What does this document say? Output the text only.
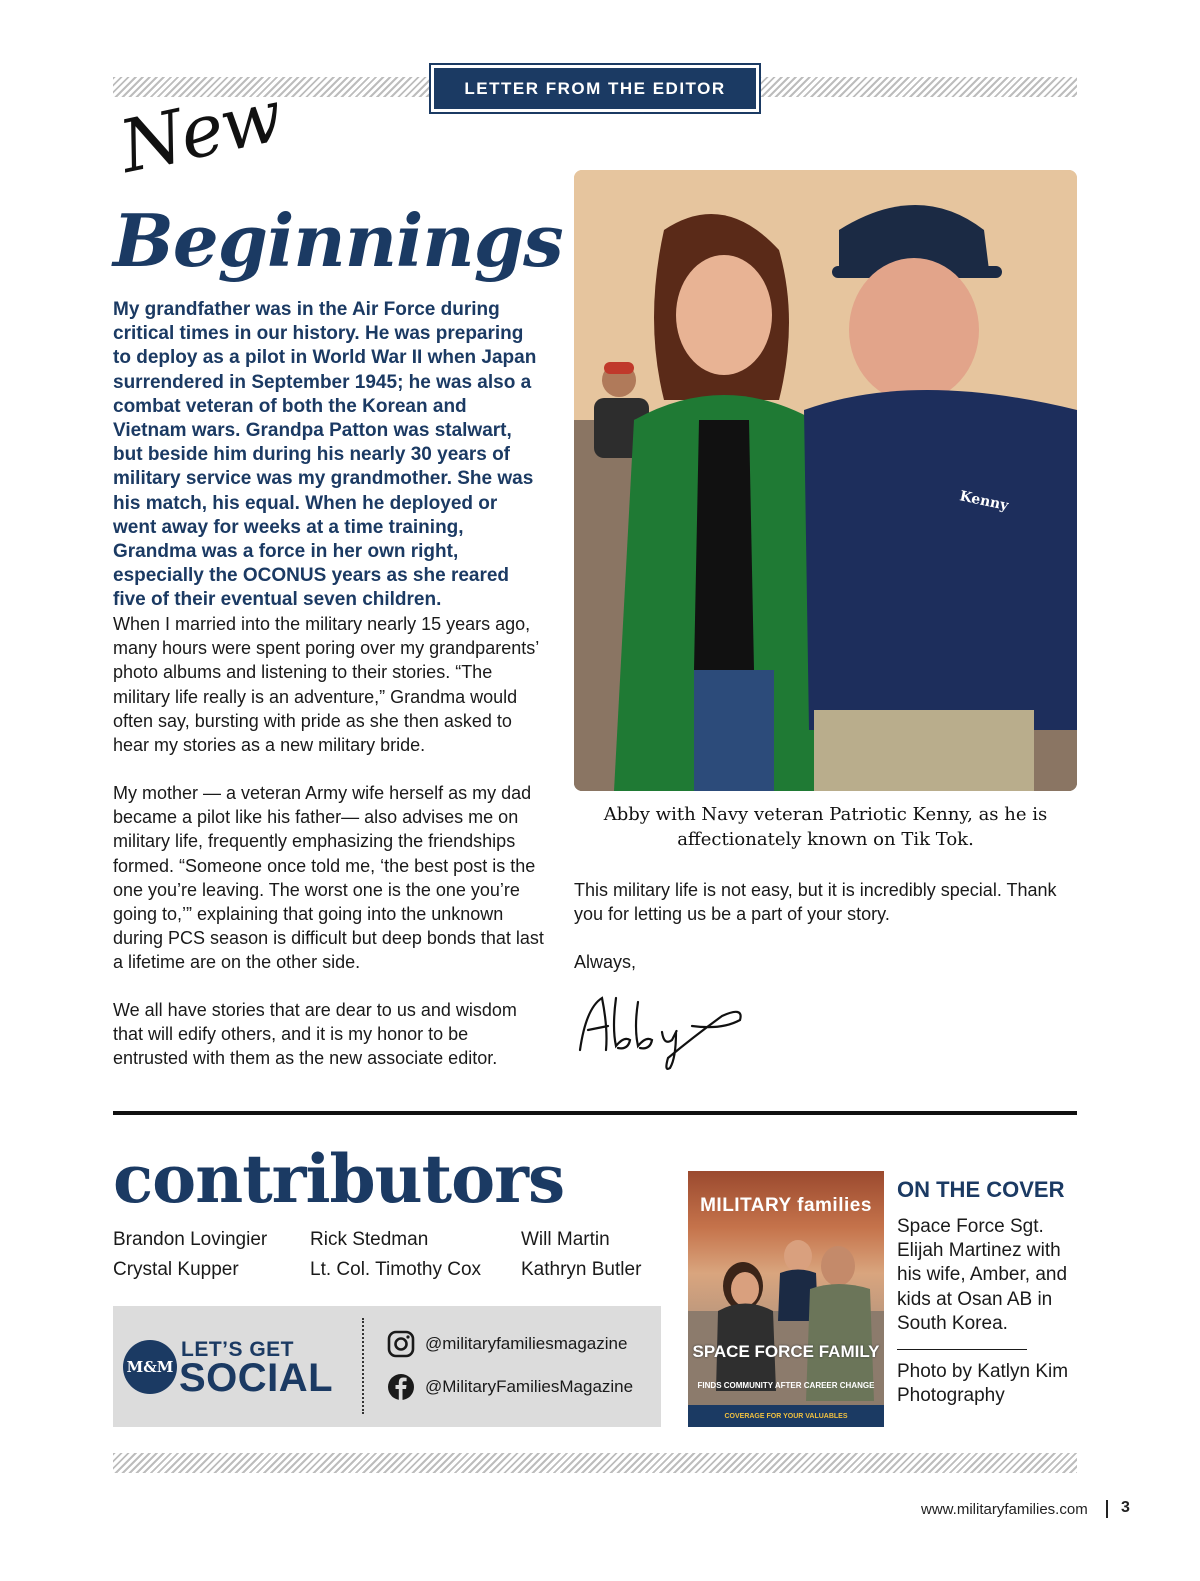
LETTER FROM THE EDITOR
New
Beginnings

My grandfather was in the Air Force during critical times in our history. He was preparing to deploy as a pilot in World War II when Japan surrendered in September 1945; he was also a combat veteran of both the Korean and Vietnam wars. Grandpa Patton was stalwart, but beside him during his nearly 30 years of military service was my grandmother. She was his match, his equal. When he deployed or went away for weeks at a time training, Grandma was a force in her own right, especially the OCONUS years as she reared five of their eventual seven children.

When I married into the military nearly 15 years ago, many hours were spent poring over my grandparents’ photo albums and listening to their stories. “The military life really is an adventure,” Grandma would often say, bursting with pride as she then asked to hear my stories as a new military bride.

My mother — a veteran Army wife herself as my dad became a pilot like his father— also advises me on military life, frequently emphasizing the friendships formed. “Someone once told me, ‘the best post is the one you’re leaving. The worst one is the one you’re going to,’” explaining that going into the unknown during PCS season is difficult but deep bonds that last a lifetime are on the other side.

We all have stories that are dear to us and wisdom that will edify others, and it is my honor to be entrusted with them as the new associate editor.

Kenny

Abby with Navy veteran Patriotic Kenny, as he is affectionately known on Tik Tok.

This military life is not easy, but it is incredibly special. Thank you for letting us be a part of your story.

Always,

contributors
Brandon Lovingier
Crystal Kupper
Rick Stedman
Lt. Col. Timothy Cox
Will Martin
Kathryn Butler
M&M
LET’S GET
SOCIAL
@militaryfamiliesmagazine
@MilitaryFamiliesMagazine
MILITARY families
SPACE FORCE FAMILY
FINDS COMMUNITY AFTER CAREER CHANGE
COVERAGE FOR YOUR VALUABLES
ON THE COVER

Space Force Sgt. Elijah Martinez with his wife, Amber, and kids at Osan AB in South Korea.

Photo by Katlyn Kim Photography

www.militaryfamilies.com 3
